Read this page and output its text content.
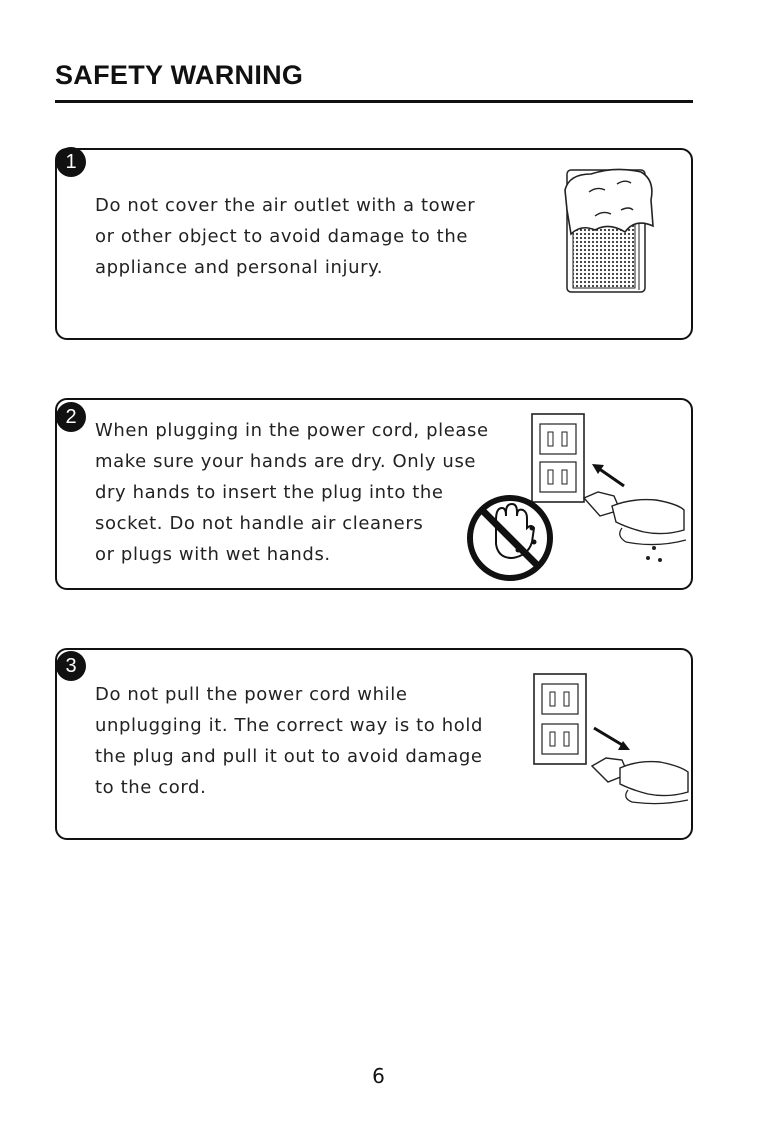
SAFETY WARNING
1
Do not cover the air outlet with a tower
or other object to avoid damage to the
appliance and personal injury.
2
When plugging in the power cord, please
make sure your hands are dry. Only use
dry hands to insert the plug into the
socket. Do not handle air cleaners
or plugs with wet hands.
3
Do not pull the power cord while
unplugging it. The correct way is to hold
the plug and pull it out to avoid damage
to the cord.
6
